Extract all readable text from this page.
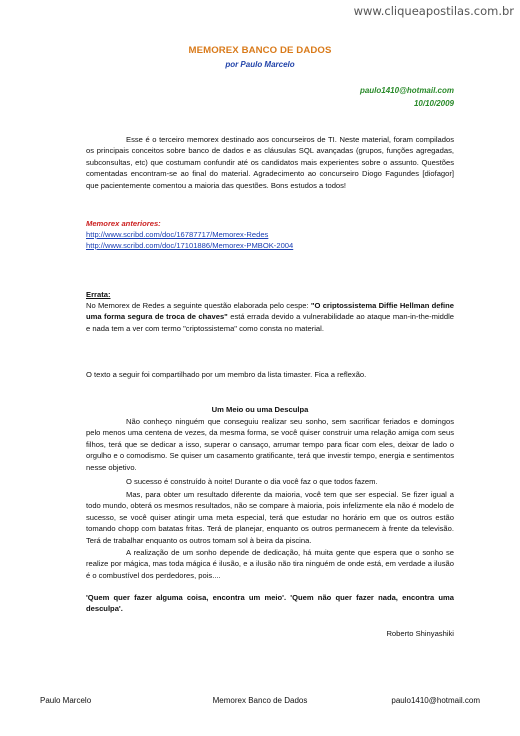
www.cliqueapostilas.com.br
MEMOREX BANCO DE DADOS
por Paulo Marcelo
paulo1410@hotmail.com
10/10/2009
Esse é o terceiro memorex destinado aos concurseiros de TI. Neste material, foram compilados os principais conceitos sobre banco de dados e as cláusulas SQL avançadas (grupos, funções agregadas, subconsultas, etc) que costumam confundir até os candidatos mais experientes sobre o assunto. Questões comentadas encontram-se ao final do material. Agradecimento ao concurseiro Diogo Fagundes [diofagor] que pacientemente comentou a maioria das questões. Bons estudos a todos!
Memorex anteriores:
http://www.scribd.com/doc/16787717/Memorex-Redes
http://www.scribd.com/doc/17101886/Memorex-PMBOK-2004
Errata:
No Memorex de Redes a seguinte questão elaborada pelo cespe: "O criptossistema Diffie Hellman define uma forma segura de troca de chaves" está errada devido a vulnerabilidade ao ataque man-in-the-middle e nada tem a ver com termo "criptossistema" como consta no material.
O texto a seguir foi compartilhado por um membro da lista timaster. Fica a reflexão.
Um Meio ou uma Desculpa
Não conheço ninguém que conseguiu realizar seu sonho, sem sacrificar feriados e domingos pelo menos uma centena de vezes, da mesma forma, se você quiser construir uma relação amiga com seus filhos, terá que se dedicar a isso, superar o cansaço, arrumar tempo para ficar com eles, deixar de lado o orgulho e o comodismo. Se quiser um casamento gratificante, terá que investir tempo, energia e sentimentos nesse objetivo.
O sucesso é construído à noite! Durante o dia você faz o que todos fazem.
Mas, para obter um resultado diferente da maioria, você tem que ser especial. Se fizer igual a todo mundo, obterá os mesmos resultados, não se compare à maioria, pois infelizmente ela não é modelo de sucesso, se você quiser atingir uma meta especial, terá que estudar no horário em que os outros estão tomando chopp com batatas fritas. Terá de planejar, enquanto os outros permanecem à frente da televisão. Terá de trabalhar enquanto os outros tomam sol à beira da piscina.
A realização de um sonho depende de dedicação, há muita gente que espera que o sonho se realize por mágica, mas toda mágica é ilusão, e a ilusão não tira ninguém de onde está, em verdade a ilusão é o combustível dos perdedores, pois....
'Quem quer fazer alguma coisa, encontra um meio'. 'Quem não quer fazer nada, encontra uma desculpa'.
Roberto Shinyashiki
Paulo Marcelo	Memorex Banco de Dados	paulo1410@hotmail.com
